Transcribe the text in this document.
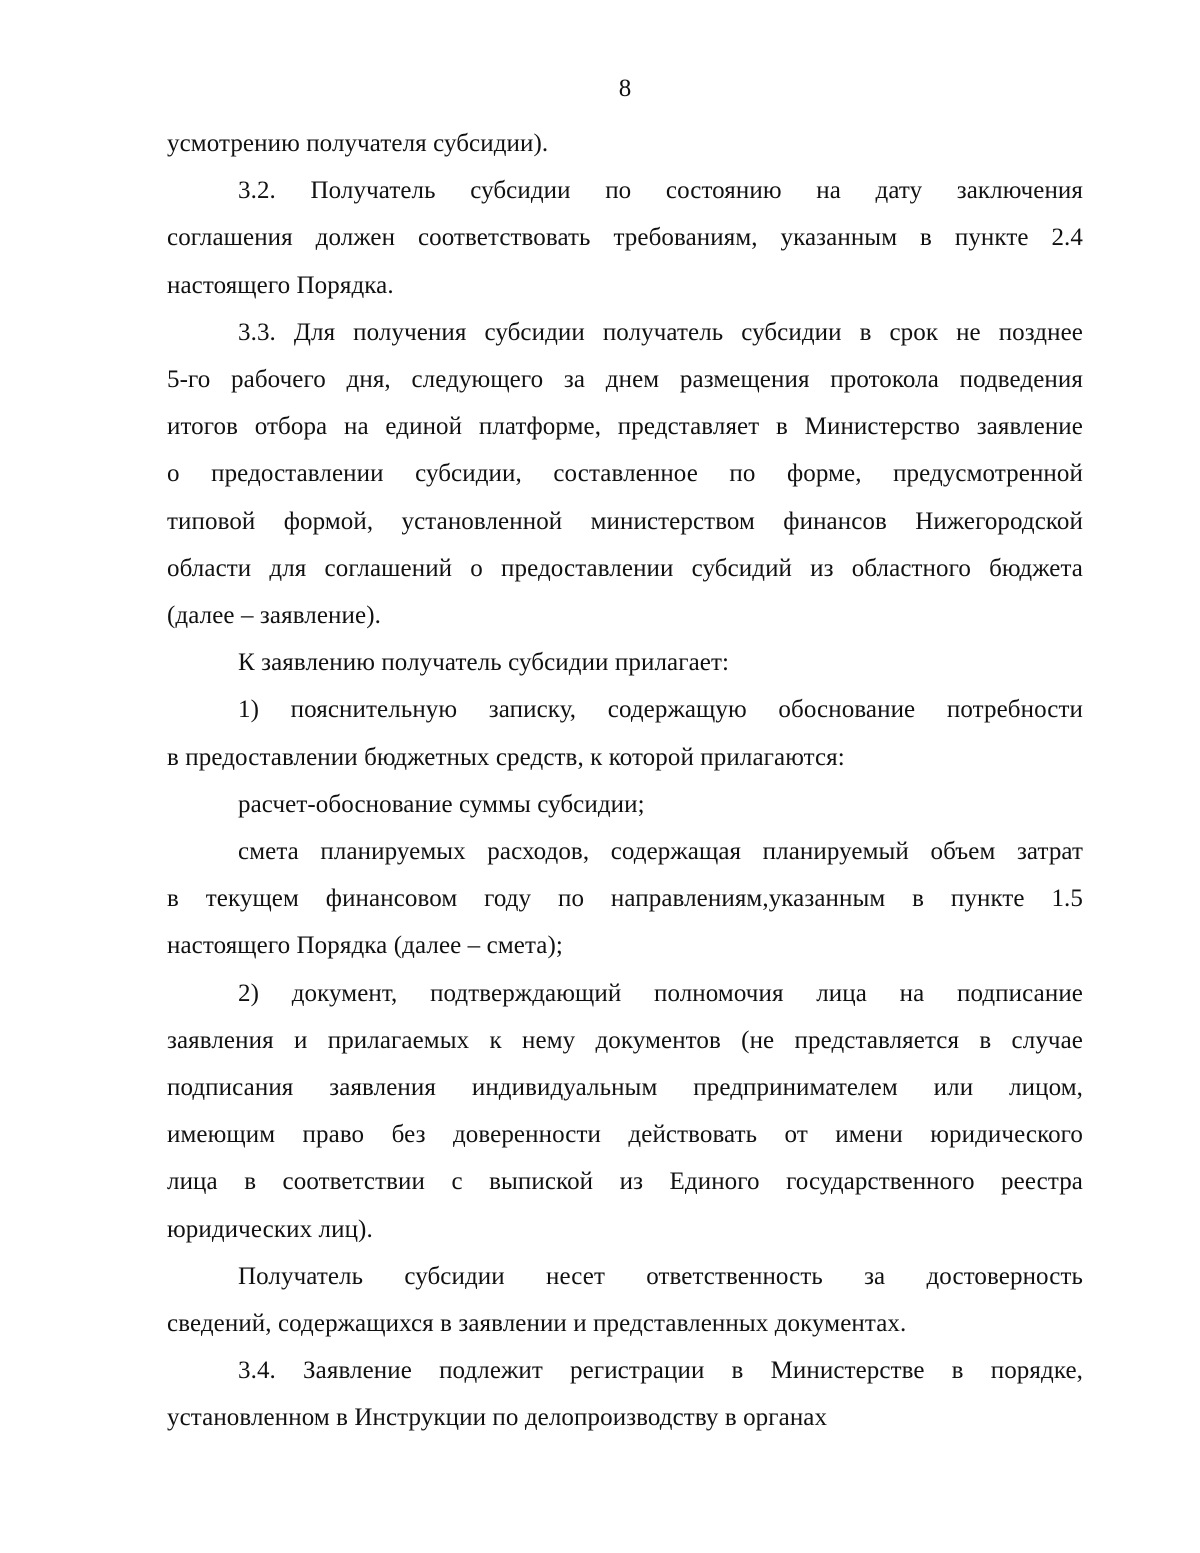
8
усмотрению получателя субсидии).
3.2. Получатель субсидии по состоянию на дату заключения
соглашения должен соответствовать требованиям, указанным в пункте 2.4
настоящего Порядка.
3.3. Для получения субсидии получатель субсидии в срок не позднее
5-го рабочего дня, следующего за днем размещения протокола подведения
итогов отбора на единой платформе, представляет в Министерство заявление
о предоставлении субсидии, составленное по форме, предусмотренной
типовой формой, установленной министерством финансов Нижегородской
области для соглашений о предоставлении субсидий из областного бюджета
(далее – заявление).
К заявлению получатель субсидии прилагает:
1) пояснительную записку, содержащую обоснование потребности
в предоставлении бюджетных средств, к которой прилагаются:
расчет-обоснование суммы субсидии;
смета планируемых расходов, содержащая планируемый объем затрат
в текущем финансовом году по направлениям,указанным в пункте 1.5
настоящего Порядка (далее – смета);
2) документ, подтверждающий полномочия лица на подписание
заявления и прилагаемых к нему документов (не представляется в случае
подписания заявления индивидуальным предпринимателем или лицом,
имеющим право без доверенности действовать от имени юридического
лица в соответствии с выпиской из Единого государственного реестра
юридических лиц).
Получатель субсидии несет ответственность за достоверность
сведений, содержащихся в заявлении и представленных документах.
3.4. Заявление подлежит регистрации в Министерстве в порядке,
установленном в Инструкции по делопроизводству в органах
